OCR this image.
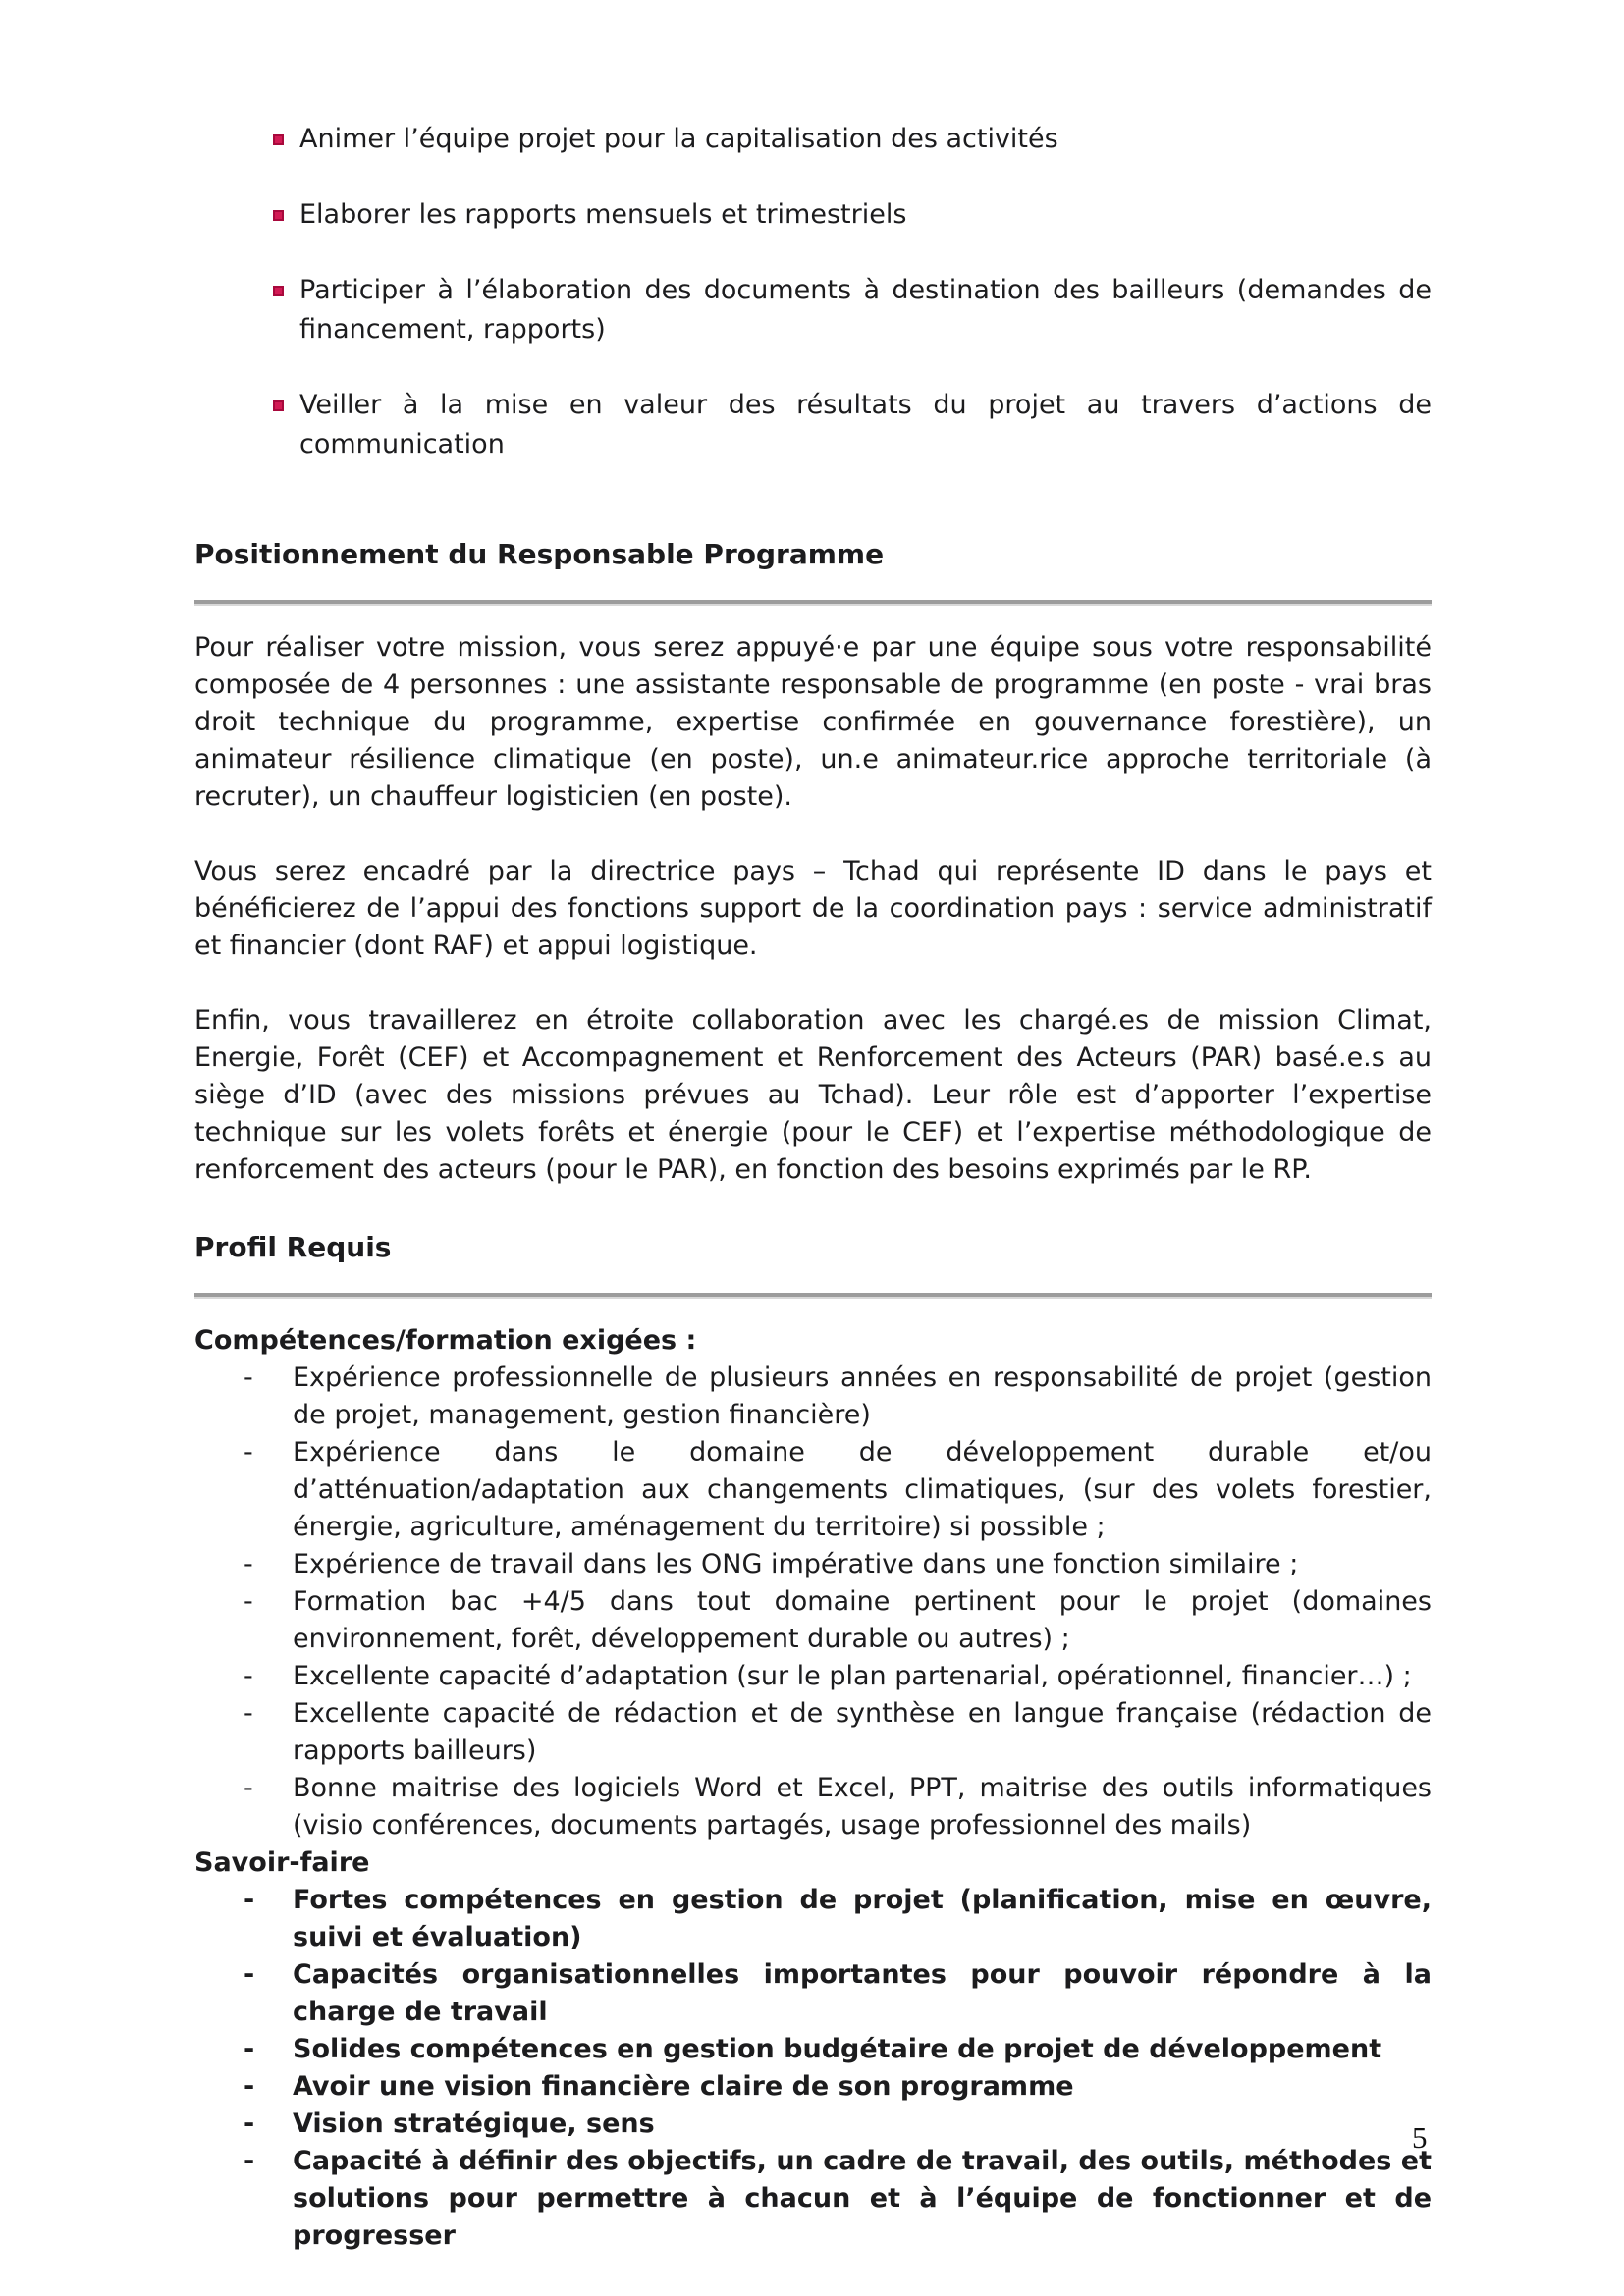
Animer l’équipe projet pour la capitalisation des activités
Elaborer les rapports mensuels et trimestriels
Participer à l’élaboration des documents à destination des bailleurs (demandes de financement, rapports)
Veiller à la mise en valeur des résultats du projet au travers d’actions de communication
Positionnement du Responsable Programme

Pour réaliser votre mission, vous serez appuyé·e par une équipe sous votre responsabilité composée de 4 personnes : une assistante responsable de programme (en poste - vrai bras droit technique du programme, expertise confirmée en gouvernance forestière), un animateur résilience climatique (en poste), un.e animateur.rice approche territoriale (à recruter), un chauffeur logisticien (en poste).

Vous serez encadré par la directrice pays – Tchad qui représente ID dans le pays et bénéficierez de l’appui des fonctions support de la coordination pays : service administratif et financier (dont RAF) et appui logistique.

Enfin, vous travaillerez en étroite collaboration avec les chargé.es de mission Climat, Energie, Forêt (CEF) et Accompagnement et Renforcement des Acteurs (PAR) basé.e.s au siège d’ID (avec des missions prévues au Tchad). Leur rôle est d’apporter l’expertise technique sur les volets forêts et énergie (pour le CEF) et l’expertise méthodologique de renforcement des acteurs (pour le PAR), en fonction des besoins exprimés par le RP.

Profil Requis
Compétences/formation exigées :
- Expérience professionnelle de plusieurs années en responsabilité de projet (gestion de projet, management, gestion financière)
- Expérience dans le domaine de développement durable et/ou d’atténuation/adaptation aux changements climatiques, (sur des volets forestier, énergie, agriculture, aménagement du territoire) si possible ;
- Expérience de travail dans les ONG impérative dans une fonction similaire ;
- Formation bac +4/5 dans tout domaine pertinent pour le projet (domaines environnement, forêt, développement durable ou autres) ;
- Excellente capacité d’adaptation (sur le plan partenarial, opérationnel, financier…) ;
- Excellente capacité de rédaction et de synthèse en langue française (rédaction de rapports bailleurs)
- Bonne maitrise des logiciels Word et Excel, PPT, maitrise des outils informatiques (visio conférences, documents partagés, usage professionnel des mails)
Savoir-faire
- Fortes compétences en gestion de projet (planification, mise en œuvre, suivi et évaluation)
- Capacités organisationnelles importantes pour pouvoir répondre à la charge de travail
- Solides compétences en gestion budgétaire de projet de développement
- Avoir une vision financière claire de son programme
- Vision stratégique, sens
- Capacité à définir des objectifs, un cadre de travail, des outils, méthodes et solutions pour permettre à chacun et à l’équipe de fonctionner et de progresser
5
